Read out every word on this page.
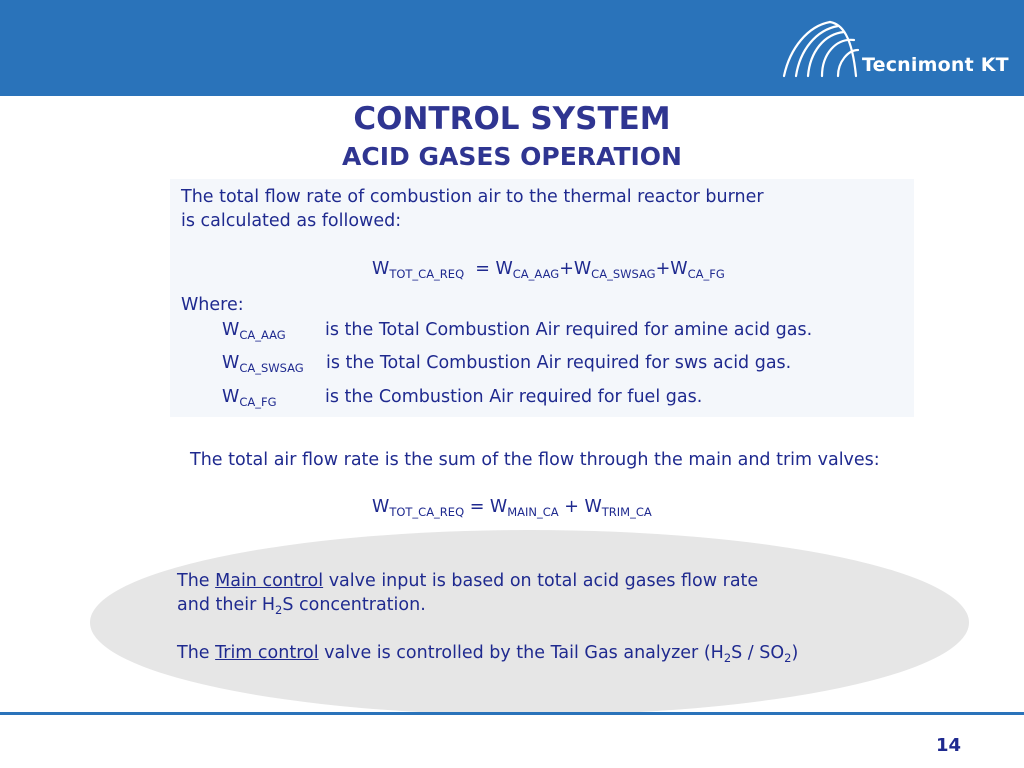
Tecnimont KT
CONTROL SYSTEM
ACID GASES OPERATION
The total flow rate of combustion air to the thermal reactor burner
is calculated as followed:
$W_{TOT\_CA\_REQ} = W_{CA\_AAG}+W_{CA\_SWSAG}+W_{CA\_FG}$
Where:
$W_{CA\_AAG}$ is the Total Combustion Air required for amine acid gas.
$W_{CA\_SWSAG}$ is the Total Combustion Air required for sws acid gas.
$W_{CA\_FG}$	is the Combustion Air required for fuel gas.
The total air flow rate is the sum of the flow through the main and trim valves:
$W_{TOT\_CA\_REQ} = W_{MAIN\_CA} + W_{TRIM\_CA}$
The Main control valve input is based on total acid gases flow rate
and their $H_2S$ concentration.
The Trim control valve is controlled by the Tail Gas analyzer $(H_2S / SO_2)$
14
